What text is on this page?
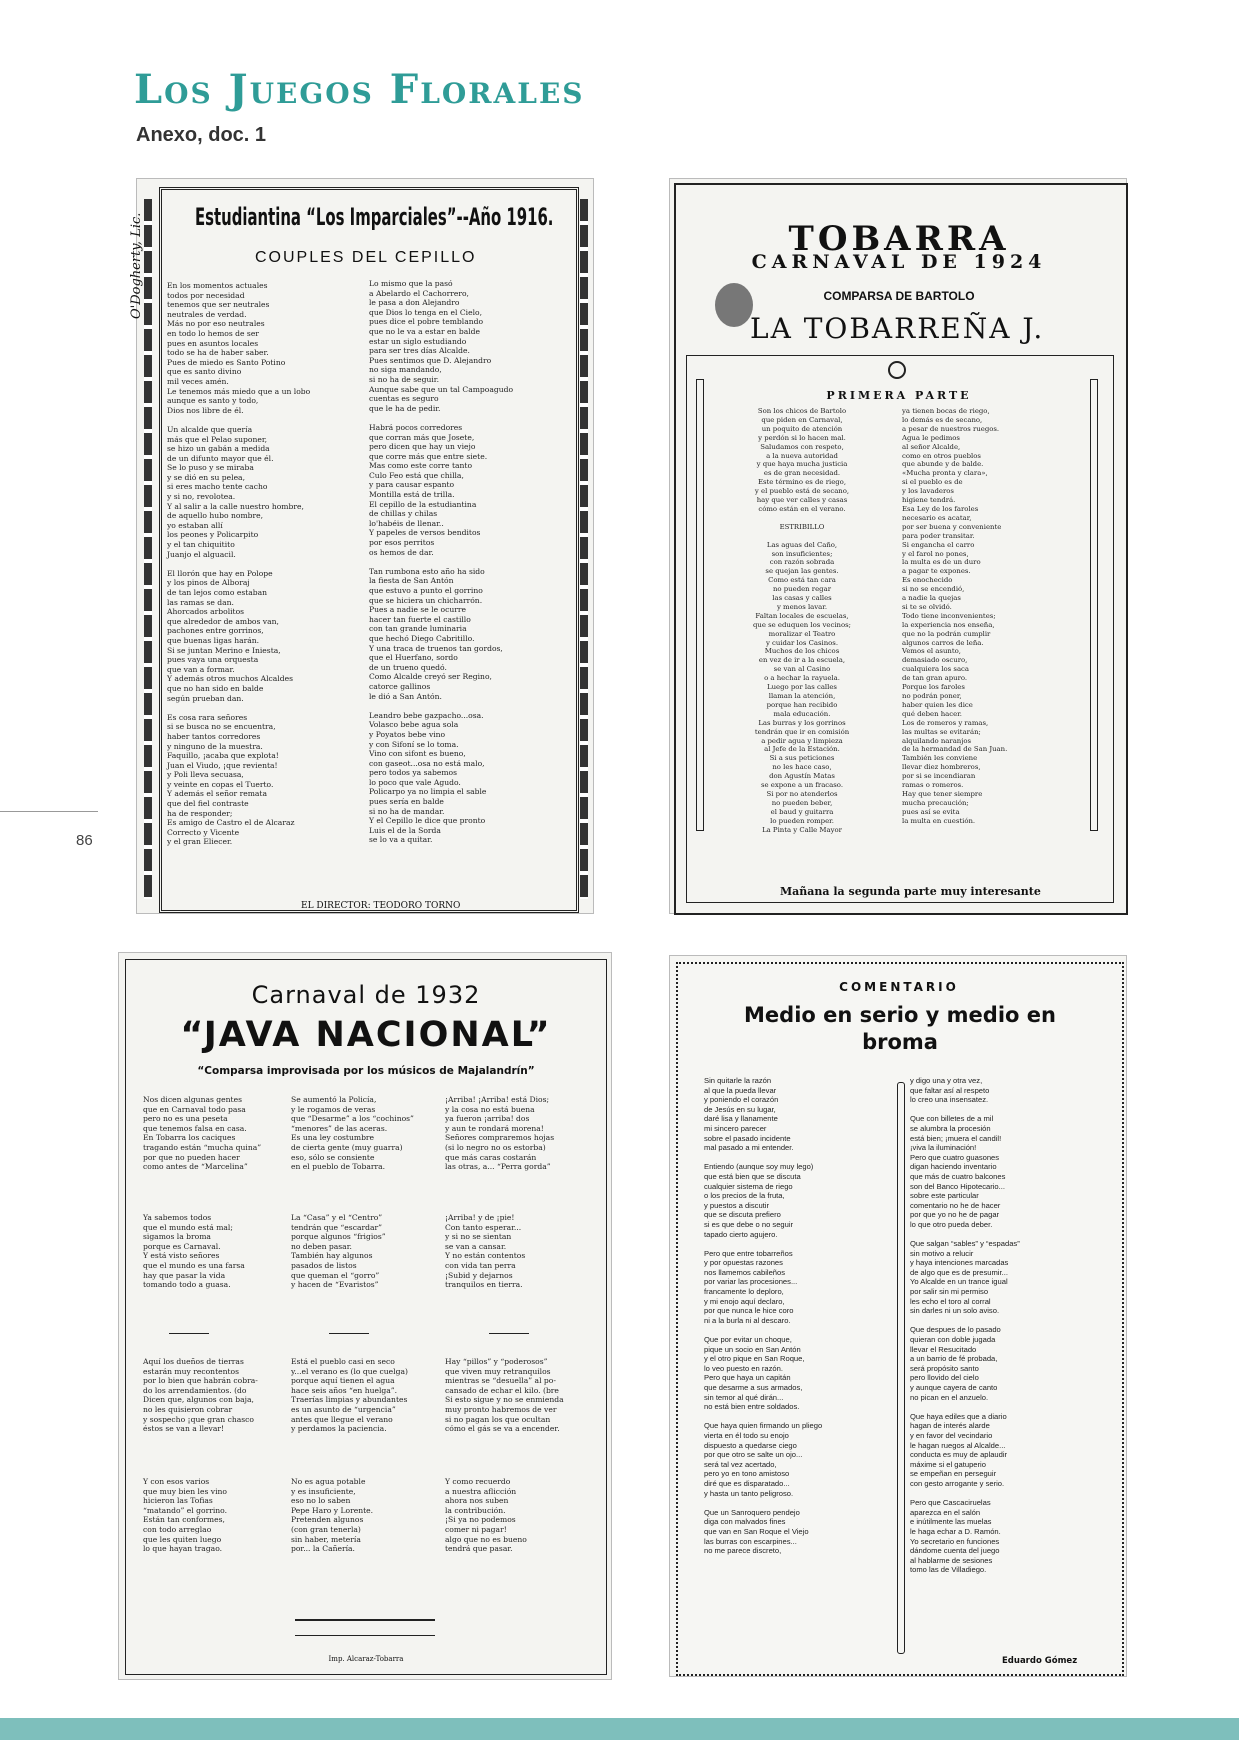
Los Juegos Florales
Anexo, doc. 1
86
O'Dogherty, Lic. Estudiantina “Los Imparciales”--Año 1916.
COUPLES DEL CEPILLO
En los momentos actuales
todos por necesidad
tenemos que ser neutrales
neutrales de verdad.
Más no por eso neutrales
en todo lo hemos de ser
pues en asuntos locales
todo se ha de haber saber.
Pues de miedo es Santo Potino
que es santo divino
mil veces amén.
Le tenemos más miedo que a un lobo
aunque es santo y todo,
Dios nos libre de él.

Un alcalde que quería
más que el Pelao suponer,
se hizo un gabán a medida
de un difunto mayor que él.
Se lo puso y se miraba
y se dió en su pelea,
si eres macho tente cacho
y si no, revolotea.
Y al salir a la calle nuestro hombre,
de aquello hubo nombre,
yo estaban allí
los peones y Policarpito
y el tan chiquitito
Juanjo el alguacil.

El llorón que hay en Polope
y los pinos de Alboraj
de tan lejos como estaban
las ramas se dan.
Ahorcados arbolitos
que alrededor de ambos van,
pachones entre gorrinos,
que buenas ligas harán.
Si se juntan Merino e Iniesta,
pues vaya una orquesta
que van a formar.
Y además otros muchos Alcaldes
que no han sido en balde
según prueban dan.

Es cosa rara señores
si se busca no se encuentra,
haber tantos corredores
y ninguno de la muestra.
Faquillo, ¡acaba que explota!
Juan el Viudo, ¡que revienta!
y Poli lleva secuasa,
y veinte en copas el Tuerto.
Y además el señor remata
que del fiel contraste
ha de responder;
Es amigo de Castro el de Alcaraz
Correcto y Vicente
y el gran Eliecer.
Lo mismo que la pasó
a Abelardo el Cachorrero,
le pasa a don Alejandro
que Dios lo tenga en el Cielo,
pues dice el pobre temblando
que no le va a estar en balde
estar un siglo estudiando
para ser tres días Alcalde.
Pues sentimos que D. Alejandro
no siga mandando,
si no ha de seguir.
Aunque sabe que un tal Campoagudo
cuentas es seguro
que le ha de pedir.

Habrá pocos corredores
que corran más que Josete,
pero dicen que hay un viejo
que corre más que entre siete.
Mas como este corre tanto
Culo Feo está que chilla,
y para causar espanto
Montilla está de trilla.
El cepillo de la estudiantina
de chillas y chilas
lo'habéis de llenar..
Y papeles de versos benditos
por esos perritos
os hemos de dar.

Tan rumbona esto año ha sido
la fiesta de San Antón
que estuvo a punto el gorrino
que se hiciera un chicharrón.
Pues a nadie se le ocurre
hacer tan fuerte el castillo
con tan grande luminaria
que hechó Diego Cabritillo.
Y una traca de truenos tan gordos,
que el Huerfano, sordo
de un trueno quedó.
Como Alcalde creyó ser Regino,
catorce gallinos
le dió a San Antón.

Leandro bebe gazpacho...osa.
Volasco bebe agua sola
y Poyatos bebe vino
y con Sifoní se lo toma.
Vino con sifont es bueno,
con gaseot...osa no está malo,
pero todos ya sabemos
lo poco que vale Agudo.
Policarpo ya no limpia el sable
pues sería en balde
si no ha de mandar.
Y el Cepillo le dice que pronto
Luis el de la Sorda
se lo va a quitar.
EL DIRECTOR: TEODORO TORNO
TOBARRA
CARNAVAL DE 1924
COMPARSA DE BARTOLO
LA TOBARREÑA J.
PRIMERA PARTE
Son los chicos de Bartolo
que piden en Carnaval,
un poquito de atención
y perdón si lo hacen mal.
Saludamos con respeto,
a la nueva autoridad
y que haya mucha justicia
es de gran necesidad.
Este término es de riego,
y el pueblo está de secano,
hay que ver calles y casas
cómo están en el verano.

ESTRIBILLO

Las aguas del Caño,
son insuficientes;
con razón sobrada
se quejan las gentes.
Como está tan cara
no pueden regar
las casas y calles
y menos lavar.
Faltan locales de escuelas,
que se eduquen los vecinos;
moralizar el Teatro
y cuidar los Casinos.
Muchos de los chicos
en vez de ir a la escuela,
se van al Casino
o a hechar la rayuela.
Luego por las calles
llaman la atención,
porque han recibido
mala educación.
Las burras y los gorrinos
tendrán que ir en comisión
a pedir agua y limpieza
al Jefe de la Estación.
Si a sus peticiones
no les hace caso,
don Agustín Matas
se expone a un fracaso.
Si por no atenderlos
no pueden beber,
el baud y guitarra
lo pueden romper.
La Pinta y Calle Mayor
ya tienen bocas de riego,
lo demás es de secano,
a pesar de nuestros ruegos.
Agua le pedimos
al señor Alcalde,
como en otros pueblos
que abunde y de balde.
«Mucha pronta y clara»,
si el pueblo es de
y los lavaderos
higiene tendrá.
Esa Ley de los faroles
necesario es acatar,
por ser buena y conveniente
para poder transitar.
Si engancha el carro
y el farol no pones,
la multa es de un duro
a pagar te expones.
Es enochecido
si no se encendió,
a nadie la quejas
si te se olvidó.
Todo tiene inconvenientes;
la experiencia nos enseña,
que no la podrán cumplir
algunos carros de leña.
Vemos el asunto,
demasiado oscuro,
cualquiera los saca
de tan gran apuro.
Porque los faroles
no podrán poner,
haber quien les dice
qué deben hacer.
Los de romeros y ramas,
las multas se evitarán;
alquilando naranjos
de la hermandad de San Juan.
También les conviene
llevar diez hombreros,
por si se incendiaran
ramas o romeros.
Hay que tener siempre
mucha precaución;
pues así se evita
la multa en cuestión.
Mañana la segunda parte muy interesante
Carnaval de 1932
“JAVA NACIONAL”
“Comparsa improvisada por los músicos de Majalandrín”
Nos dicen algunas gentes
que en Carnaval todo pasa
pero no es una peseta
que tenemos falsa en casa.
En Tobarra los caciques
tragando están “mucha quina”
por que no pueden hacer
como antes de “Marcelina”
Se aumentó la Policía,
y le rogamos de veras
que “Desarme” a los “cochinos”
“menores” de las aceras.
Es una ley costumbre
de cierta gente (muy guarra)
eso, sólo se consiente
en el pueblo de Tobarra.
¡Arriba! ¡Arriba! está Dios;
y la cosa no está buena
ya fueron ¡arriba! dos
y aun te rondará morena!
Señores compraremos hojas
(si lo negro no os estorba)
que más caras costarán
las otras, a... “Perra gorda”
Ya sabemos todos
que el mundo está mal;
sigamos la broma
porque es Carnaval.
Y está visto señores
que el mundo es una farsa
hay que pasar la vida
tomando todo a guasa.
La “Casa” y el “Centro”
tendrán que “escardar”
porque algunos “frigios”
no deben pasar.
También hay algunos
pasados de listos
que queman el “gorro”
y hacen de “Evaristos”
¡Arriba! y de ¡pie!
Con tanto esperar...
y si no se sientan
se van a cansar.
Y no están contentos
con vida tan perra
¡Subid y dejarnos
tranquilos en tierra.
Aquí los dueños de tierras
estarán muy recontentos
por lo bien que habrán cobra-
do los arrendamientos. (do
Dicen que, algunos con baja,
no les quisieron cobrar
y sospecho ¡que gran chasco
éstos se van a llevar!
Está el pueblo casi en seco
y...el verano es (lo que cuelga)
porque aquí tienen el agua
hace seis años “en huelga”.
Traerías limpias y abundantes
es un asunto de “urgencia”
antes que llegue el verano
y perdamos la paciencia.
Hay “pillos” y “poderosos”
que viven muy retranquilos
mientras se “desuella” al po-
cansado de echar el kilo. (bre
Si esto sigue y no se enmienda
muy pronto habremos de ver
si no pagan los que ocultan
cómo el gás se va a encender.
Y con esos varios
que muy bien les vino
hicieron las Tofias
“matando” el gorrino.
Están tan conformes,
con todo arreglao
que les quiten luego
lo que hayan tragao.
No es agua potable
y es insuficiente,
eso no lo saben
Pepe Haro y Lorente.
Pretenden algunos
(con gran tenerla)
sin haber, metería
por... la Cañería.
Y como recuerdo
a nuestra aflicción
ahora nos suben
la contribución.
¡Si ya no podemos
comer ni pagar!
algo que no es bueno
tendrá que pasar.
Imp. Alcaraz-Tobarra
COMENTARIO
Medio en serio y medio en broma
Sin quitarle la razón
al que la pueda llevar
y poniendo el corazón
de Jesús en su lugar,
daré lisa y llanamente
mi sincero parecer
sobre el pasado incidente
mal pasado a mi entender.

Entiendo (aunque soy muy lego)
que está bien que se discuta
cualquier sistema de riego
o los precios de la fruta,
y puestos a discutir
que se discuta prefiero
si es que debe o no seguir
tapado cierto agujero.

Pero que entre tobarreños
y por opuestas razones
nos llamemos cabileños
por variar las procesiones...
francamente lo deploro,
y mi enojo aquí declaro,
por que nunca le hice coro
ni a la burla ni al descaro.

Que por evitar un choque,
pique un socio en San Antón
y el otro pique en San Roque,
lo veo puesto en razón.
Pero que haya un capitán
que desarme a sus armados,
sin temor al qué dirán...
no está bien entre soldados.

Que haya quien firmando un pliego
vierta en él todo su enojo
dispuesto a quedarse ciego
por que otro se salte un ojo...
será tal vez acertado,
pero yo en tono amistoso
diré que es disparatado...
y hasta un tanto peligroso.

Que un Sanroquero pendejo
diga con malvados fines
que van en San Roque el Viejo
las burras con escarpines...
no me parece discreto,
y digo una y otra vez,
que faltar así al respeto
lo creo una insensatez.

Que con billetes de a mil
se alumbra la procesión
está bien; ¡muera el candil!
¡viva la iluminación!
Pero que cuatro guasones
digan haciendo inventario
que más de cuatro balcones
son del Banco Hipotecario...
sobre este particular
comentario no he de hacer
por que yo no he de pagar
lo que otro pueda deber.

Que salgan “sables” y “espadas”
sin motivo a relucir
y haya intenciones marcadas
de algo que es de presumir...
Yo Alcalde en un trance igual
por salir sin mi permiso
les echo el toro al corral
sin darles ni un solo aviso.

Que despues de lo pasado
quieran con doble jugada
llevar el Resucitado
a un barrio de fé probada,
será propósito santo
pero llovido del cielo
y aunque cayera de canto
no pican en el anzuelo.

Que haya ediles que a diario
hagan de interés alarde
y en favor del vecindario
le hagan ruegos al Alcalde...
conducta es muy de aplaudir
máxime si el gatuperio
se empeñan en perseguir
con gesto arrogante y serio.

Pero que Cascaciruelas
aparezca en el salón
e inútilmente las muelas
le haga echar a D. Ramón.
Yo secretario en funciones
dándome cuenta del juego
al hablarme de sesiones
tomo las de Villadiego.
Eduardo Gómez
